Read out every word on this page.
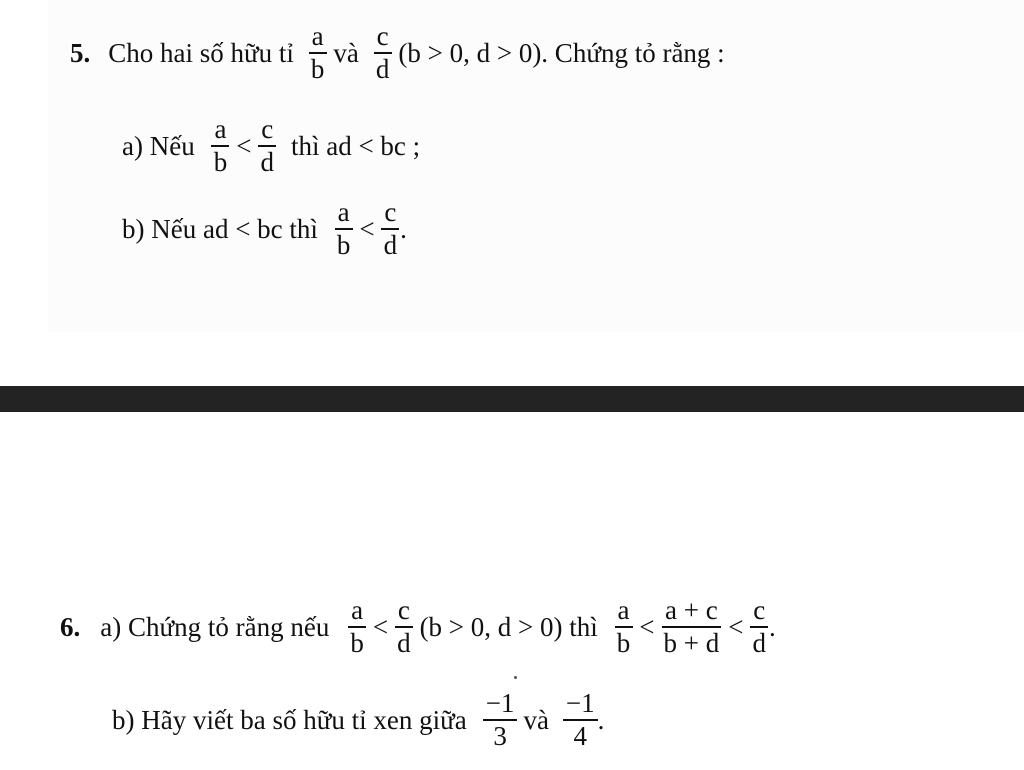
5. Cho hai số hữu tỉ $\frac{a}{b}$ và $\frac{c}{d} (b > 0$, d > 0). Chứng tỏ rằng :
a) Nếu $\frac{a}{b} < \frac{c}{d}$ thì ad < bc ;
b) Nếu ad < bc thì $\frac{a}{b} < \frac{c}{d}$ .
6. a) Chứng tỏ rằng nếu $\frac{a}{b} < \frac{c}{d} (b > 0$, d > 0) thì $\frac{a}{b} < \frac{a + c}{b + d} < \frac{c}{d}$ .
b) Hãy viết ba số hữu tỉ xen giữa $\frac{-1}{3}$ và $\frac{-1}{4}$ .
